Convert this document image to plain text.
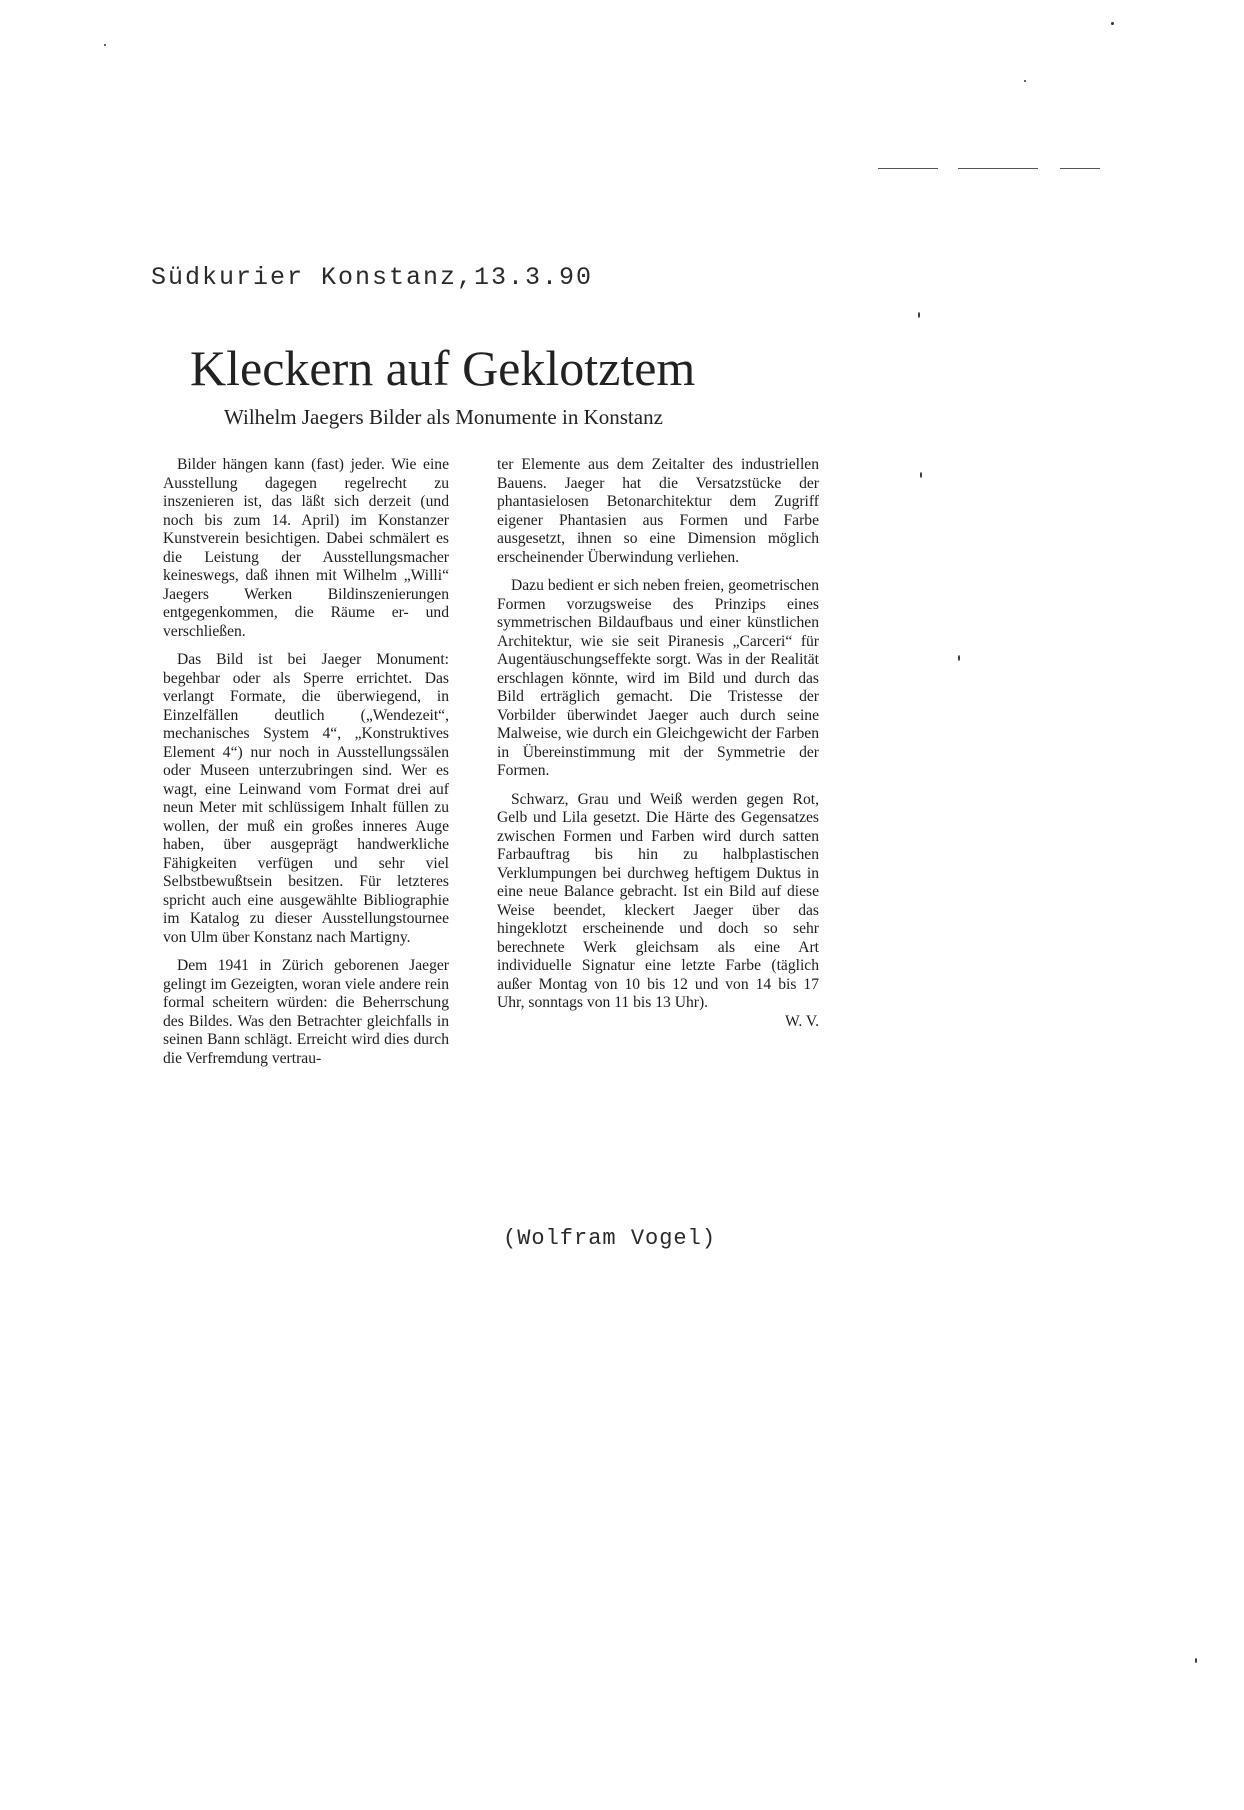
Südkurier Konstanz,13.3.90
Kleckern auf Geklotztem
Wilhelm Jaegers Bilder als Monumente in Konstanz

Bilder hängen kann (fast) jeder. Wie eine Ausstellung dagegen regelrecht zu inszenieren ist, das läßt sich derzeit (und noch bis zum 14. April) im Konstanzer Kunstverein besichtigen. Dabei schmälert es die Leistung der Ausstellungsmacher keineswegs, daß ihnen mit Wilhelm „Willi“ Jaegers Werken Bildinszenierungen entgegenkommen, die Räume er- und verschließen.

Das Bild ist bei Jaeger Monument: begehbar oder als Sperre errichtet. Das verlangt Formate, die überwiegend, in Einzelfällen deutlich („Wendezeit“, mechanisches System 4“, „Konstruktives Element 4“) nur noch in Ausstellungssälen oder Museen unterzubringen sind. Wer es wagt, eine Leinwand vom Format drei auf neun Meter mit schlüssigem Inhalt füllen zu wollen, der muß ein großes inneres Auge haben, über ausgeprägt handwerkliche Fähigkeiten verfügen und sehr viel Selbstbewußtsein besitzen. Für letzteres spricht auch eine ausgewählte Bibliographie im Katalog zu dieser Ausstellungstournee von Ulm über Konstanz nach Martigny.

Dem 1941 in Zürich geborenen Jaeger gelingt im Gezeigten, woran viele andere rein formal scheitern würden: die Beherrschung des Bildes. Was den Betrachter gleichfalls in seinen Bann schlägt. Erreicht wird dies durch die Verfremdung vertrau-

ter Elemente aus dem Zeitalter des industriellen Bauens. Jaeger hat die Versatzstücke der phantasielosen Betonarchitektur dem Zugriff eigener Phantasien aus Formen und Farbe ausgesetzt, ihnen so eine Dimension möglich erscheinender Überwindung verliehen.

Dazu bedient er sich neben freien, geometrischen Formen vorzugsweise des Prinzips eines symmetrischen Bildaufbaus und einer künstlichen Architektur, wie sie seit Piranesis „Carceri“ für Augentäuschungseffekte sorgt. Was in der Realität erschlagen könnte, wird im Bild und durch das Bild erträglich gemacht. Die Tristesse der Vorbilder überwindet Jaeger auch durch seine Malweise, wie durch ein Gleichgewicht der Farben in Übereinstimmung mit der Symmetrie der Formen.

Schwarz, Grau und Weiß werden gegen Rot, Gelb und Lila gesetzt. Die Härte des Gegensatzes zwischen Formen und Farben wird durch satten Farbauftrag bis hin zu halbplastischen Verklumpungen bei durchweg heftigem Duktus in eine neue Balance gebracht. Ist ein Bild auf diese Weise beendet, kleckert Jaeger über das hingeklotzt erscheinende und doch so sehr berechnete Werk gleichsam als eine Art individuelle Signatur eine letzte Farbe (täglich außer Montag von 10 bis 12 und von 14 bis 17 Uhr, sonntags von 11 bis 13 Uhr).

W. V.
(Wolfram Vogel)
